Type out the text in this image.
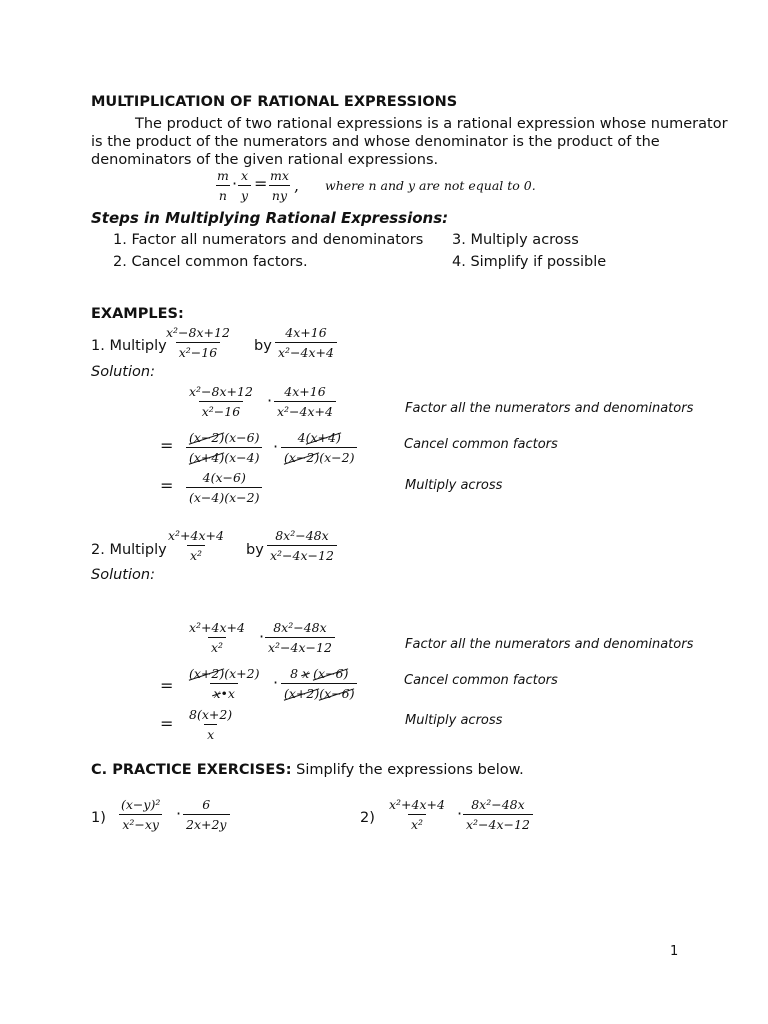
MULTIPLICATION OF RATIONAL EXPRESSIONS
The product of two rational expressions is a rational expression whose numerator
is the product of the numerators and whose denominator is the product of the
denominators of the given rational expressions.
$\frac{m}{n} \cdot \frac{x}{y} = \frac{mx}{ny}$ , where n and y are not equal to 0.
Steps in Multiplying Rational Expressions:
1. Factor all numerators and denominators
2. Cancel common factors.
3. Multiply across
4. Simplify if possible
EXAMPLES:
1. Multiply
$\frac{\text{x²−8x+12}}{\text{x²−16}}$ by $\frac{4x+16}{\text{x²−4x+4}}$
Solution:
$\frac{\text{x²−8x+12}}{\text{x²−16}} \cdot \frac{4x+16}{\text{x²−4x+4}}$	Factor all the numerators and denominators
= $\frac{(x-2)(x-6)}{(x+4)(x-4)} \cdot \frac{4(x+4)}{(x-2)(x-2)}$	Cancel common factors
= $\frac{4(x-6)}{(x-4)(x-2)}$	Multiply across
2. Multiply
$\frac{\text{x²+4x+4}}{\text{x²}}$ by $\frac{\text{8x²−48x}}{\text{x²−4x−12}}$
Solution:
$\frac{\text{x²+4x+4}}{\text{x²}} \cdot \frac{\text{8x²−48x}}{\text{x²−4x−12}}$	Factor all the numerators and denominators
= $\frac{(x+2)(x+2)}{x•x} \cdot \frac{8 x (x-6)}{(x+2)(x-6)}$	Cancel common factors
= $\frac{8(x+2)}{x}$	Multiply across
C. PRACTICE EXERCISES: Simplify the expressions below.
$1) \frac{\text{(x−y)²}}{\text{x²−xy}} \cdot \frac{6}{2x+2y}$	$2) \frac{\text{x²+4x+4}}{\text{x²}} \cdot \frac{\text{8x²−48x}}{\text{x²−4x−12}}$
1
